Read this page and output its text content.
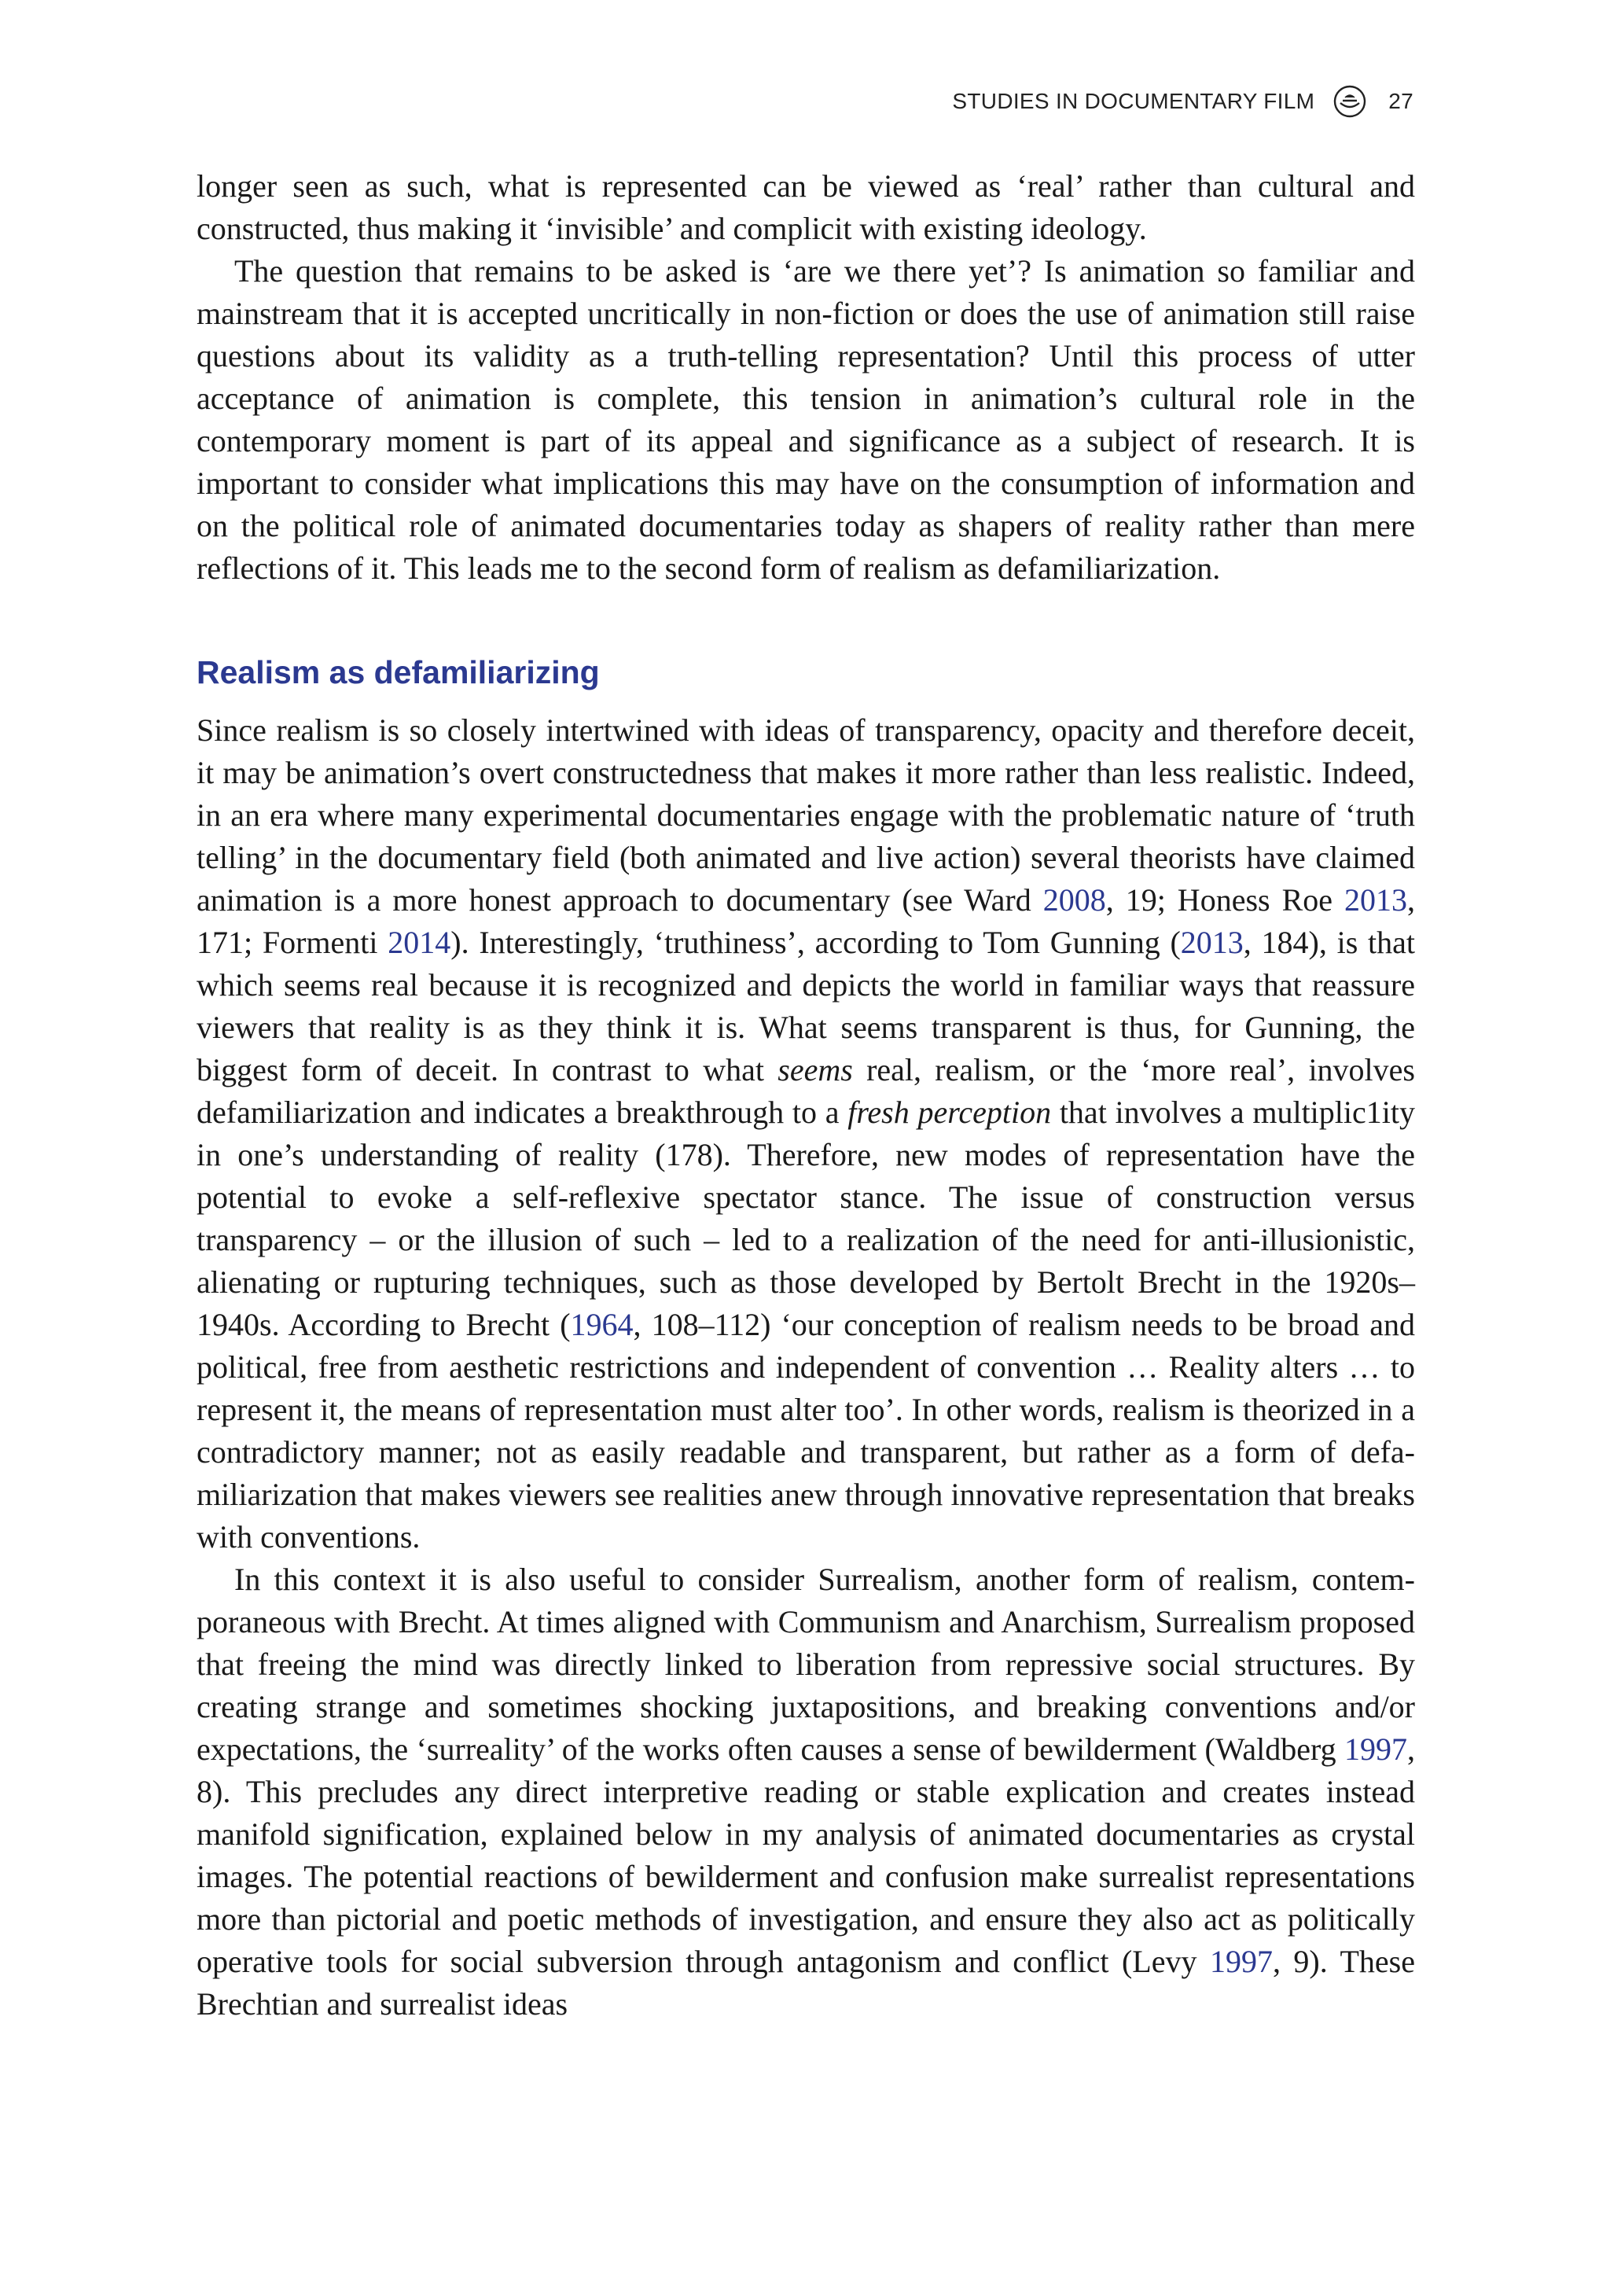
STUDIES IN DOCUMENTARY FILM	27

longer seen as such, what is represented can be viewed as ‘real’ rather than cultural and constructed, thus making it ‘invisible’ and complicit with existing ideology.

The question that remains to be asked is ‘are we there yet’? Is animation so familiar and mainstream that it is accepted uncritically in non-fiction or does the use of animation still raise questions about its validity as a truth-telling representation? Until this process of utter acceptance of animation is complete, this tension in animation’s cultural role in the contemporary moment is part of its appeal and significance as a subject of research. It is important to consider what implications this may have on the consumption of information and on the political role of animated documentaries today as shapers of reality rather than mere reflections of it. This leads me to the second form of realism as defamiliarization.

Realism as defamiliarizing

Since realism is so closely intertwined with ideas of transparency, opacity and therefore deceit, it may be animation’s overt constructedness that makes it more rather than less realistic. Indeed, in an era where many experimental documentaries engage with the problematic nature of ‘truth telling’ in the documentary field (both animated and live action) several theorists have claimed animation is a more honest approach to documentary (see Ward 2008, 19; Honess Roe 2013, 171; Formenti 2014). Interestingly, ‘truthiness’, according to Tom Gunning (2013, 184), is that which seems real because it is recognized and depicts the world in familiar ways that reassure viewers that reality is as they think it is. What seems transparent is thus, for Gunning, the biggest form of deceit. In contrast to what seems real, realism, or the ‘more real’, involves defamiliarization and indicates a breakthrough to a fresh perception that involves a multiplic1ity in one’s understanding of reality (178). Therefore, new modes of representation have the potential to evoke a self-reflexive spectator stance. The issue of construction versus transparency – or the illusion of such – led to a realization of the need for anti-illusionistic, alienating or rupturing techniques, such as those developed by Bertolt Brecht in the 1920s–1940s. According to Brecht (1964, 108–112) ‘our conception of realism needs to be broad and political, free from aesthetic restrictions and independent of convention … Reality alters … to represent it, the means of representation must alter too’. In other words, realism is theorized in a contradictory manner; not as easily readable and transparent, but rather as a form of defamiliarization that makes viewers see realities anew through innovative representation that breaks with conventions.

In this context it is also useful to consider Surrealism, another form of realism, contemporaneous with Brecht. At times aligned with Communism and Anarchism, Surrealism proposed that freeing the mind was directly linked to liberation from repressive social structures. By creating strange and sometimes shocking juxtapositions, and breaking conventions and/or expectations, the ‘surreality’ of the works often causes a sense of bewilderment (Waldberg 1997, 8). This precludes any direct interpretive reading or stable explication and creates instead manifold signification, explained below in my analysis of animated documentaries as crystal images. The potential reactions of bewilderment and confusion make surrealist representations more than pictorial and poetic methods of investigation, and ensure they also act as politically operative tools for social subversion through antagonism and conflict (Levy 1997, 9). These Brechtian and surrealist ideas
